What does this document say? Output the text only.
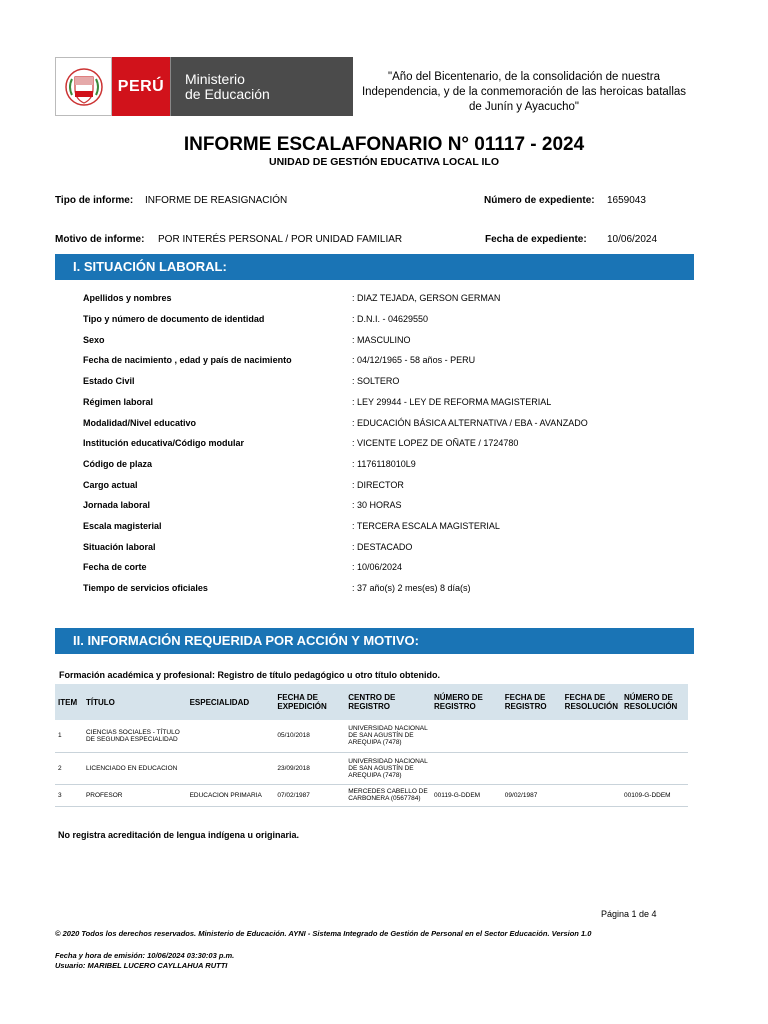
PERÚ	Ministerio
de Educación
"Año del Bicentenario, de la consolidación de nuestra Independencia, y de la conmemoración de las heroicas batallas de Junín y Ayacucho"
INFORME ESCALAFONARIO N° 01117 - 2024
UNIDAD DE GESTIÓN EDUCATIVA LOCAL ILO
Tipo de informe: INFORME DE REASIGNACIÓN	Número de expediente: 1659043
Motivo de informe: POR INTERÉS PERSONAL / POR UNIDAD FAMILIAR	Fecha de expediente: 10/06/2024
I. SITUACIÓN LABORAL:
Apellidos y nombres	: DIAZ TEJADA, GERSON GERMAN
Tipo y número de documento de identidad	: D.N.I. - 04629550
Sexo	: MASCULINO
Fecha de nacimiento , edad y país de nacimiento	: 04/12/1965 - 58 años - PERU
Estado Civil	: SOLTERO
Régimen laboral	: LEY 29944 - LEY DE REFORMA MAGISTERIAL
Modalidad/Nivel educativo	: EDUCACIÓN BÁSICA ALTERNATIVA / EBA - AVANZADO
Institución educativa/Código modular	: VICENTE LOPEZ DE OÑATE / 1724780
Código de plaza	: 1176118010L9
Cargo actual	: DIRECTOR
Jornada laboral	: 30 HORAS
Escala magisterial	: TERCERA ESCALA MAGISTERIAL
Situación laboral	: DESTACADO
Fecha de corte	: 10/06/2024
Tiempo de servicios oficiales	: 37 año(s) 2 mes(es) 8 día(s)
II. INFORMACIÓN REQUERIDA POR ACCIÓN Y MOTIVO:
Formación académica y profesional: Registro de título pedagógico u otro título obtenido.
ITEM	TÍTULO	ESPECIALIDAD	FECHA DE EXPEDICIÓN	CENTRO DE REGISTRO	NÚMERO DE REGISTRO	FECHA DE REGISTRO	FECHA DE RESOLUCIÓN	NÚMERO DE RESOLUCIÓN
1	CIENCIAS SOCIALES - TÍTULO DE SEGUNDA ESPECIALIDAD		05/10/2018	UNIVERSIDAD NACIONAL DE SAN AGUSTÍN DE AREQUIPA (7478)				
2	LICENCIADO EN EDUCACION		23/09/2018	UNIVERSIDAD NACIONAL DE SAN AGUSTÍN DE AREQUIPA (7478)				
3	PROFESOR	EDUCACION PRIMARIA	07/02/1987	MERCEDES CABELLO DE CARBONERA (0567784)	00119-G-DDEM	09/02/1987		00109-G-DDEM
No registra acreditación de lengua indígena u originaria.
Página 1 de 4
© 2020 Todos los derechos reservados. Ministerio de Educación. AYNI - Sistema Integrado de Gestión de Personal en el Sector Educación. Version 1.0
Fecha y hora de emisión: 10/06/2024 03:30:03 p.m.
Usuario: MARIBEL LUCERO CAYLLAHUA RUTTI
